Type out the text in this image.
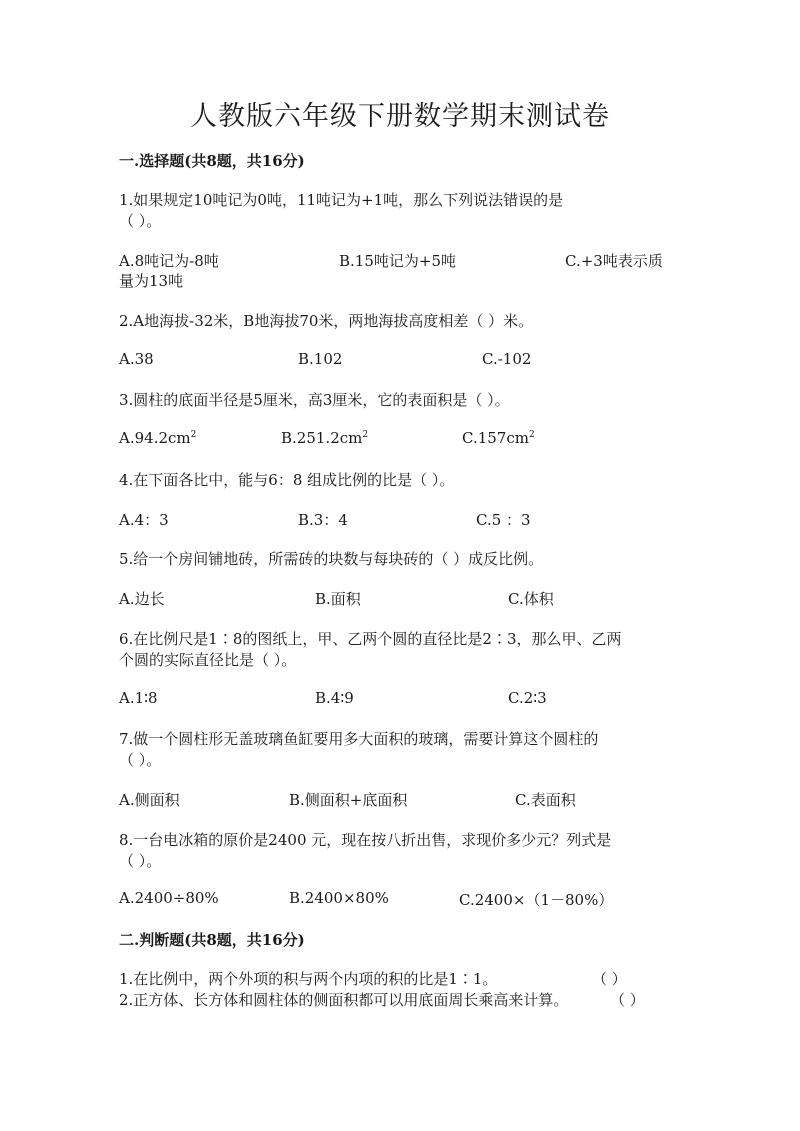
人教版六年级下册数学期末测试卷
一.选择题(共8题，共16分)
1.如果规定10吨记为0吨，11吨记为+1吨，那么下列说法错误的是
（ ）。
A.8吨记为-8吨	B.15吨记为+5吨	C.+3吨表示质
量为13吨
2.A地海拔-32米，B地海拔70米，两地海拔高度相差（ ）米。
A.38	B.102	C.-102
3.圆柱的底面半径是5厘米，高3厘米，它的表面积是（ ）。
$A.94.2cm^2$	$B.251.2cm^2$	$C.157cm^2$
4.在下面各比中，能与6：8 组成比例的比是（ ）。
A.4：3	B.3：4	C.5 ：3
5.给一个房间铺地砖，所需砖的块数与每块砖的（ ）成反比例。
A.边长	B.面积	C.体积
6.在比例尺是1∶8的图纸上，甲、乙两个圆的直径比是2∶3，那么甲、乙两
个圆的实际直径比是（ ）。
A.1∶8	B.4∶9	C.2∶3
7.做一个圆柱形无盖玻璃鱼缸要用多大面积的玻璃，需要计算这个圆柱的
（ ）。
A.侧面积	B.侧面积+底面积	C.表面积
8.一台电冰箱的原价是2400 元，现在按八折出售，求现价多少元？列式是
（ ）。
A.2400÷80%	B.2400×80%	C.2400×（1－80%）
二.判断题(共8题，共16分)
1.在比例中，两个外项的积与两个内项的积的比是1∶1。	（ ）
2.正方体、长方体和圆柱体的侧面积都可以用底面周长乘高来计算。	（ ）
